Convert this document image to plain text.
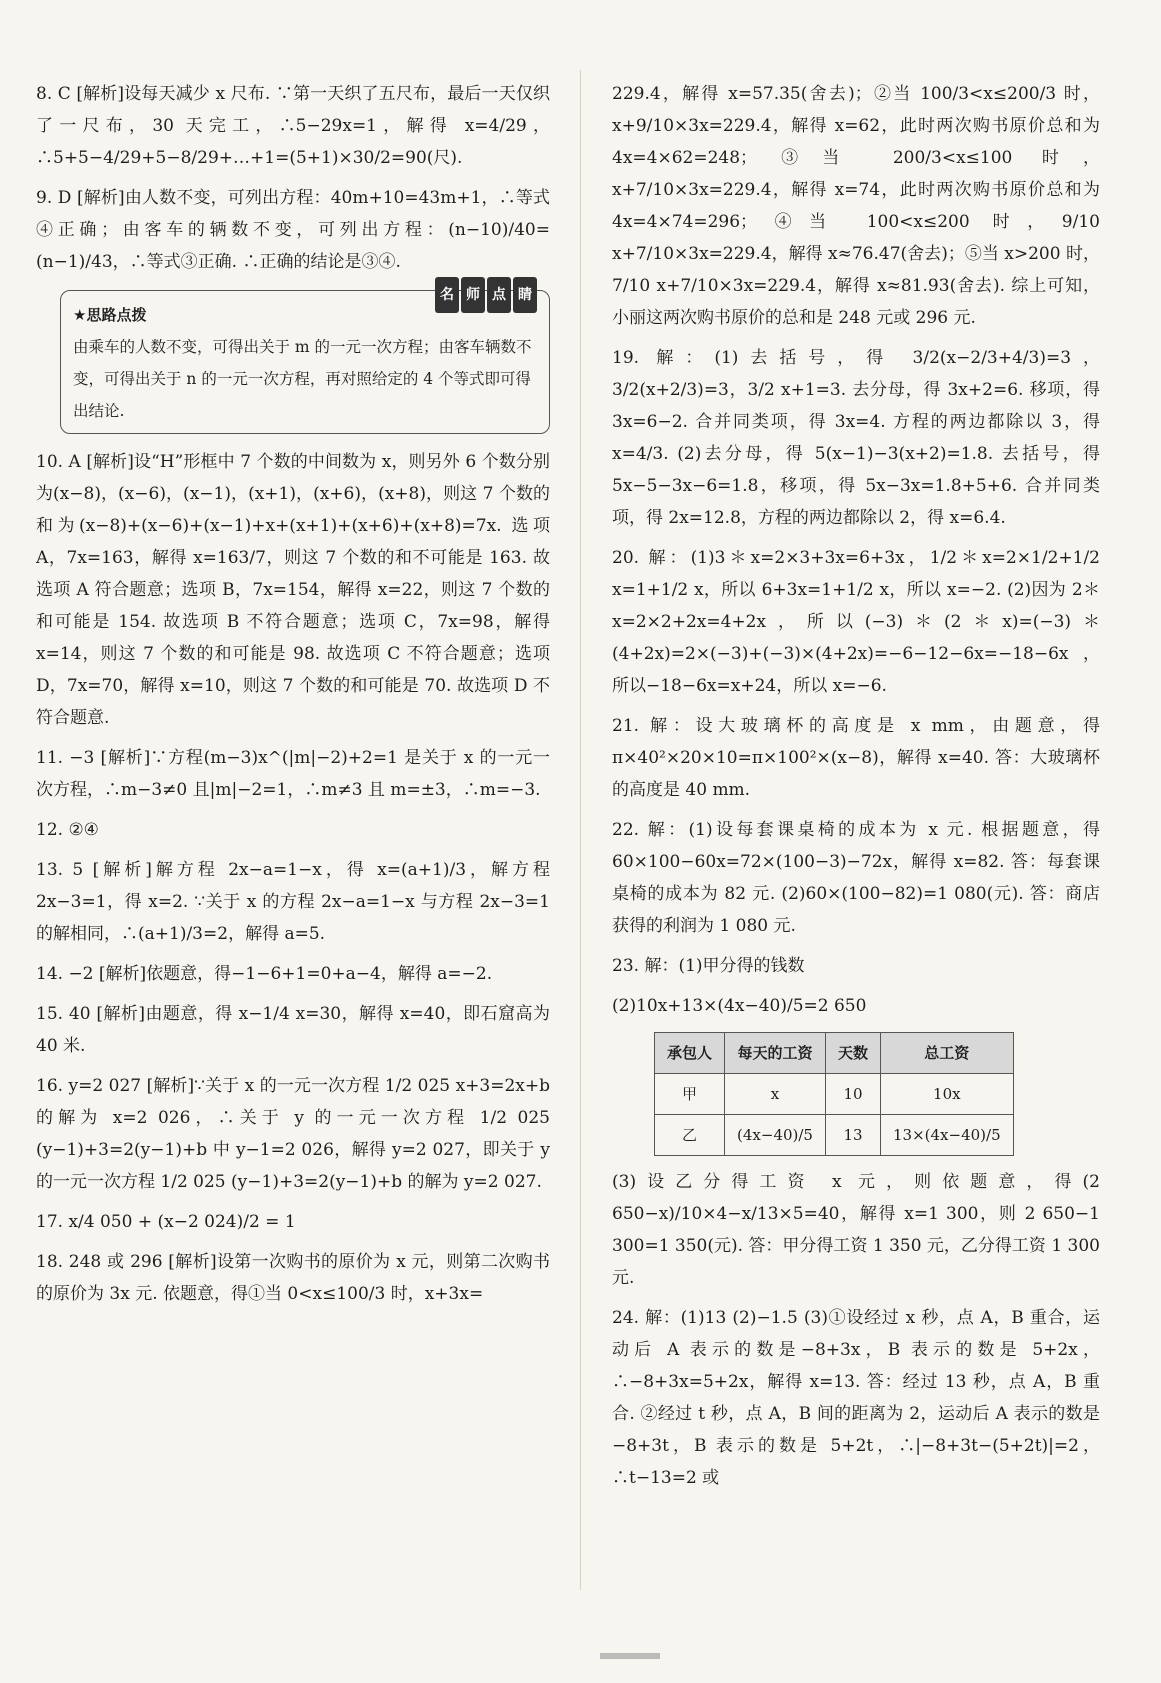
8. C [解析]设每天减少 x 尺布. ∵第一天织了五尺布，最后一天仅织了一尺布，30 天完工，∴5−29x=1，解得 x=4/29，∴5+5−4/29+5−8/29+…+1=(5+1)×30/2=90(尺).

9. D [解析]由人数不变，可列出方程：40m+10=43m+1，∴等式④正确；由客车的辆数不变，可列出方程：(n−10)/40=(n−1)/43，∴等式③正确. ∴正确的结论是③④.

名 师 点 睛
★思路点拨
由乘车的人数不变，可得出关于 m 的一元一次方程；由客车辆数不变，可得出关于 n 的一元一次方程，再对照给定的 4 个等式即可得出结论.

10. A [解析]设“H”形框中 7 个数的中间数为 x，则另外 6 个数分别为(x−8)，(x−6)，(x−1)，(x+1)，(x+6)，(x+8)，则这 7 个数的和为(x−8)+(x−6)+(x−1)+x+(x+1)+(x+6)+(x+8)=7x. 选项 A，7x=163，解得 x=163/7，则这 7 个数的和不可能是 163. 故选项 A 符合题意；选项 B，7x=154，解得 x=22，则这 7 个数的和可能是 154. 故选项 B 不符合题意；选项 C，7x=98，解得 x=14，则这 7 个数的和可能是 98. 故选项 C 不符合题意；选项 D，7x=70，解得 x=10，则这 7 个数的和可能是 70. 故选项 D 不符合题意.

11. −3 [解析]∵方程(m−3)x^(|m|−2)+2=1 是关于 x 的一元一次方程，∴m−3≠0 且|m|−2=1，∴m≠3 且 m=±3，∴m=−3.

12. ②④

13. 5 [解析]解方程 2x−a=1−x，得 x=(a+1)/3，解方程 2x−3=1，得 x=2. ∵关于 x 的方程 2x−a=1−x 与方程 2x−3=1 的解相同，∴(a+1)/3=2，解得 a=5.

14. −2 [解析]依题意，得−1−6+1=0+a−4，解得 a=−2.

15. 40 [解析]由题意，得 x−1/4 x=30，解得 x=40，即石窟高为 40 米.

16. y=2 027 [解析]∵关于 x 的一元一次方程 1/2 025 x+3=2x+b 的解为 x=2 026，∴关于 y 的一元一次方程 1/2 025 (y−1)+3=2(y−1)+b 中 y−1=2 026，解得 y=2 027，即关于 y 的一元一次方程 1/2 025 (y−1)+3=2(y−1)+b 的解为 y=2 027.

17. x/4 050 + (x−2 024)/2 = 1

18. 248 或 296 [解析]设第一次购书的原价为 x 元，则第二次购书的原价为 3x 元. 依题意，得①当 0<x≤100/3 时，x+3x=

229.4，解得 x=57.35(舍去)；②当 100/3<x≤200/3 时，x+9/10×3x=229.4，解得 x=62，此时两次购书原价总和为 4x=4×62=248；③当 200/3<x≤100 时，x+7/10×3x=229.4，解得 x=74，此时两次购书原价总和为 4x=4×74=296；④当 100<x≤200 时，9/10 x+7/10×3x=229.4，解得 x≈76.47(舍去)；⑤当 x>200 时，7/10 x+7/10×3x=229.4，解得 x≈81.93(舍去). 综上可知，小丽这两次购书原价的总和是 248 元或 296 元.

19. 解：(1)去括号，得 3/2(x−2/3+4/3)=3，3/2(x+2/3)=3，3/2 x+1=3. 去分母，得 3x+2=6. 移项，得 3x=6−2. 合并同类项，得 3x=4. 方程的两边都除以 3，得 x=4/3. (2)去分母，得 5(x−1)−3(x+2)=1.8. 去括号，得 5x−5−3x−6=1.8，移项，得 5x−3x=1.8+5+6. 合并同类项，得 2x=12.8，方程的两边都除以 2，得 x=6.4.

20. 解：(1)3＊x=2×3+3x=6+3x，1/2＊x=2×1/2+1/2 x=1+1/2 x，所以 6+3x=1+1/2 x，所以 x=−2. (2)因为 2＊x=2×2+2x=4+2x，所以(−3)＊(2＊x)=(−3)＊(4+2x)=2×(−3)+(−3)×(4+2x)=−6−12−6x=−18−6x，所以−18−6x=x+24，所以 x=−6.

21. 解：设大玻璃杯的高度是 x mm，由题意，得 π×40²×20×10=π×100²×(x−8)，解得 x=40. 答：大玻璃杯的高度是 40 mm.

22. 解：(1)设每套课桌椅的成本为 x 元. 根据题意，得 60×100−60x=72×(100−3)−72x，解得 x=82. 答：每套课桌椅的成本为 82 元. (2)60×(100−82)=1 080(元). 答：商店获得的利润为 1 080 元.

23. 解：(1)甲分得的钱数

(2)10x+13×(4x−40)/5=2 650

承包人	每天的工资	天数	总工资
甲	x	10	10x
乙	(4x−40)/5	13	13×(4x−40)/5

(3)设乙分得工资 x 元，则依题意，得(2 650−x)/10×4−x/13×5=40，解得 x=1 300，则 2 650−1 300=1 350(元). 答：甲分得工资 1 350 元，乙分得工资 1 300 元.

24. 解：(1)13 (2)−1.5 (3)①设经过 x 秒，点 A，B 重合，运动后 A 表示的数是−8+3x，B 表示的数是 5+2x，∴−8+3x=5+2x，解得 x=13. 答：经过 13 秒，点 A，B 重合. ②经过 t 秒，点 A，B 间的距离为 2，运动后 A 表示的数是−8+3t，B 表示的数是 5+2t，∴|−8+3t−(5+2t)|=2，∴t−13=2 或
